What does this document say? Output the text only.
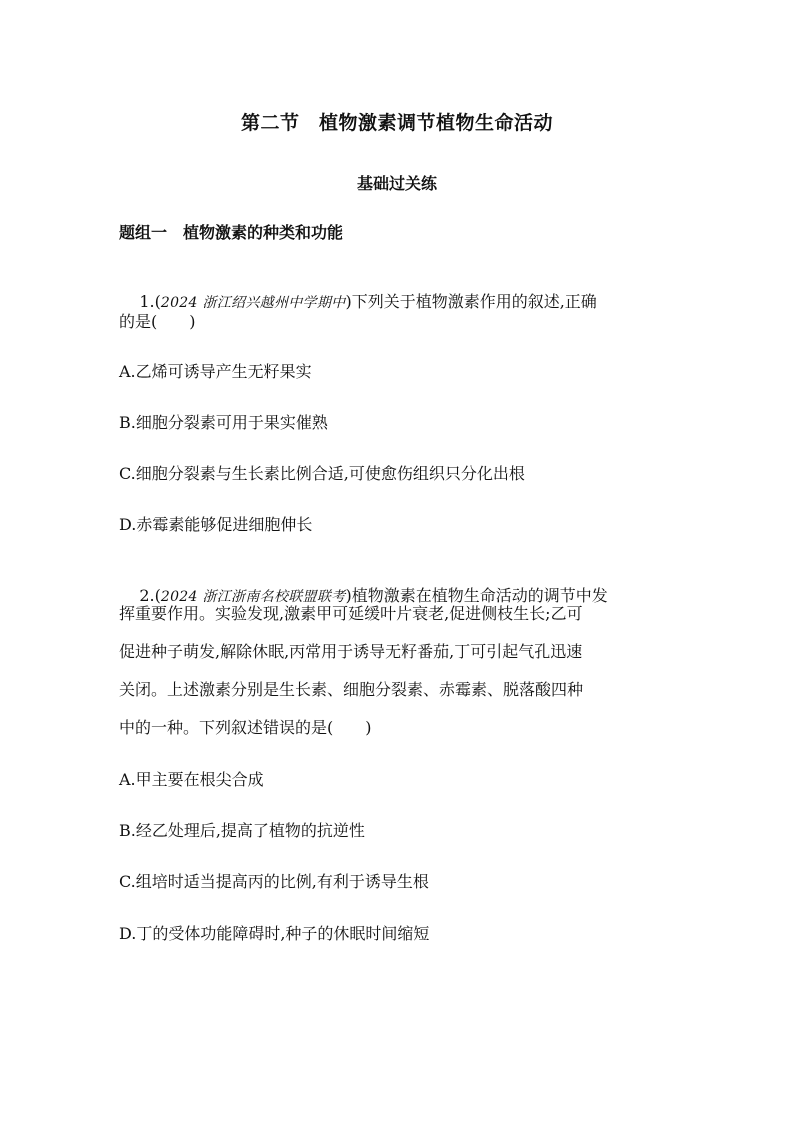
第二节　植物激素调节植物生命活动
基础过关练
题组一　植物激素的种类和功能

1.(2024 浙江绍兴越州中学期中)下列关于植物激素作用的叙述,正确

的是(　　)
A.乙烯可诱导产生无籽果实
B.细胞分裂素可用于果实催熟
C.细胞分裂素与生长素比例合适,可使愈伤组织只分化出根
D.赤霉素能够促进细胞伸长

2.(2024 浙江浙南名校联盟联考)植物激素在植物生命活动的调节中发

挥重要作用。实验发现,激素甲可延缓叶片衰老,促进侧枝生长;乙可
促进种子萌发,解除休眠,丙常用于诱导无籽番茄,丁可引起气孔迅速
关闭。上述激素分别是生长素、细胞分裂素、赤霉素、脱落酸四种
中的一种。下列叙述错误的是(　　)
A.甲主要在根尖合成
B.经乙处理后,提高了植物的抗逆性
C.组培时适当提高丙的比例,有利于诱导生根
D.丁的受体功能障碍时,种子的休眠时间缩短
